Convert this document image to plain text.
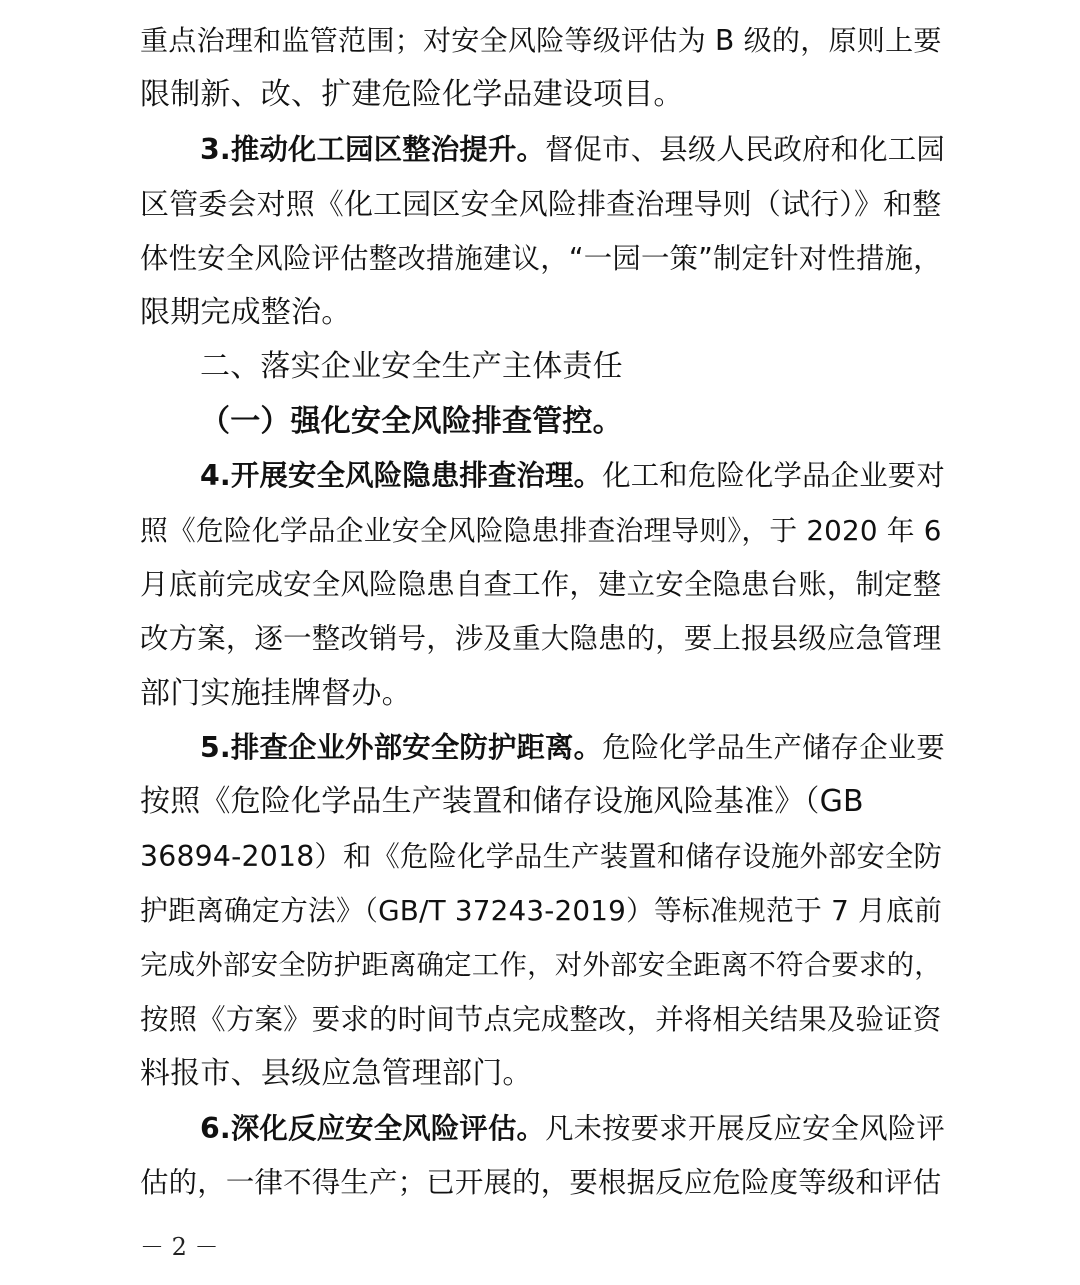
重点治理和监管范围；对安全风险等级评估为 B 级的，原则上要
限制新、改、扩建危险化学品建设项目。
3.推动化工园区整治提升。督促市、县级人民政府和化工园
区管委会对照《化工园区安全风险排查治理导则（试行）》和整
体性安全风险评估整改措施建议，“一园一策”制定针对性措施，
限期完成整治。
二、落实企业安全生产主体责任
（一）强化安全风险排查管控。
4.开展安全风险隐患排查治理。化工和危险化学品企业要对
照《危险化学品企业安全风险隐患排查治理导则》，于 2020 年 6
月底前完成安全风险隐患自查工作，建立安全隐患台账，制定整
改方案，逐一整改销号，涉及重大隐患的，要上报县级应急管理
部门实施挂牌督办。
5.排查企业外部安全防护距离。危险化学品生产储存企业要
按照《危险化学品生产装置和储存设施风险基准》（GB
36894-2018）和《危险化学品生产装置和储存设施外部安全防
护距离确定方法》（GB/T 37243-2019）等标准规范于 7 月底前
完成外部安全防护距离确定工作，对外部安全距离不符合要求的，
按照《方案》要求的时间节点完成整改，并将相关结果及验证资
料报市、县级应急管理部门。
6.深化反应安全风险评估。凡未按要求开展反应安全风险评
估的，一律不得生产；已开展的，要根据反应危险度等级和评估
－ 2 －
